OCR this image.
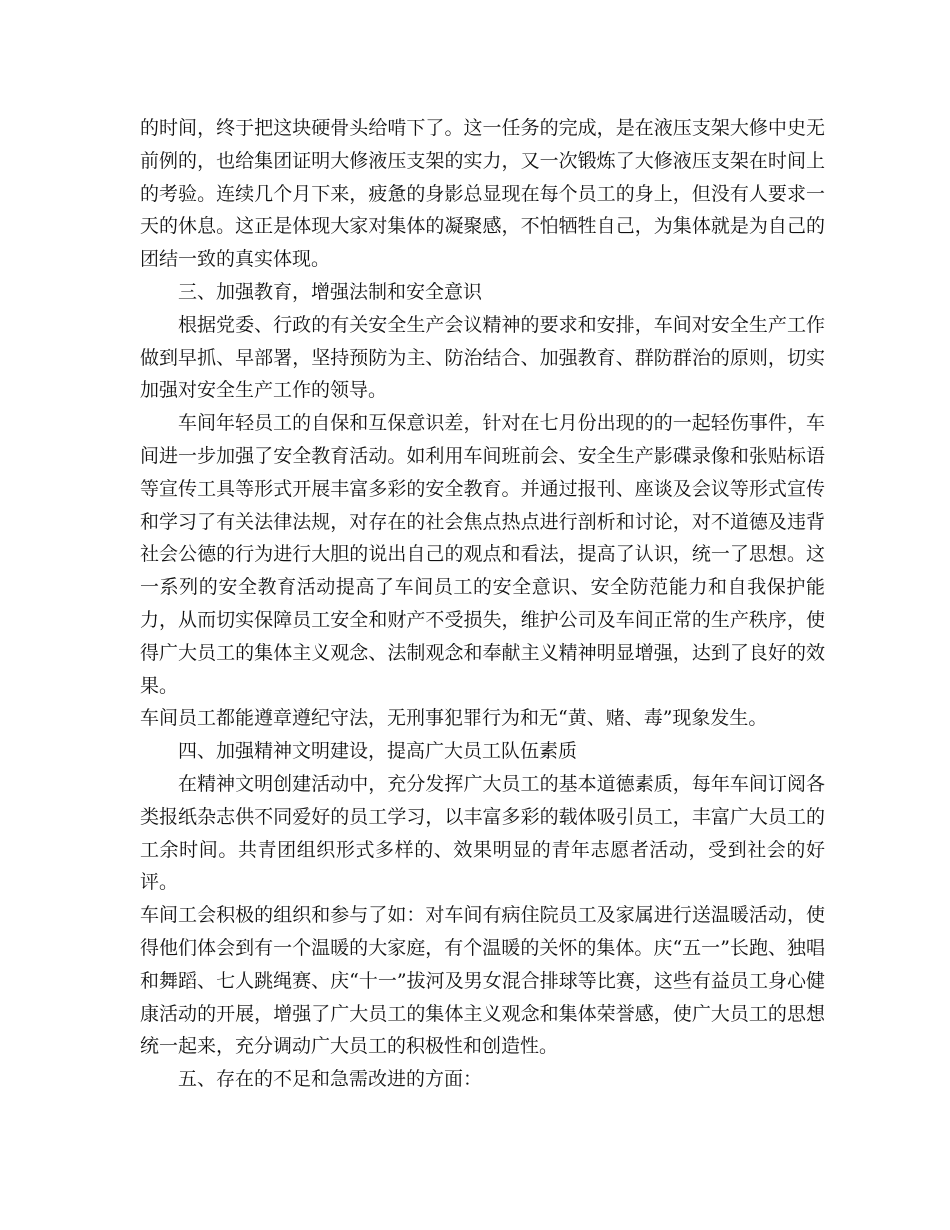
的时间，终于把这块硬骨头给啃下了。这一任务的完成，是在液压支架大修中史无前例的，也给集团证明大修液压支架的实力，又一次锻炼了大修液压支架在时间上的考验。连续几个月下来，疲惫的身影总显现在每个员工的身上，但没有人要求一天的休息。这正是体现大家对集体的凝聚感，不怕牺牲自己，为集体就是为自己的团结一致的真实体现。

三、加强教育，增强法制和安全意识

根据党委、行政的有关安全生产会议精神的要求和安排，车间对安全生产工作做到早抓、早部署，坚持预防为主、防治结合、加强教育、群防群治的原则，切实加强对安全生产工作的领导。

车间年轻员工的自保和互保意识差，针对在七月份出现的的一起轻伤事件，车间进一步加强了安全教育活动。如利用车间班前会、安全生产影碟录像和张贴标语等宣传工具等形式开展丰富多彩的安全教育。并通过报刊、座谈及会议等形式宣传和学习了有关法律法规，对存在的社会焦点热点进行剖析和讨论，对不道德及违背社会公德的行为进行大胆的说出自己的观点和看法，提高了认识，统一了思想。这一系列的安全教育活动提高了车间员工的安全意识、安全防范能力和自我保护能力，从而切实保障员工安全和财产不受损失，维护公司及车间正常的生产秩序，使得广大员工的集体主义观念、法制观念和奉献主义精神明显增强，达到了良好的效果。

车间员工都能遵章遵纪守法，无刑事犯罪行为和无“黄、赌、毒”现象发生。

四、加强精神文明建设，提高广大员工队伍素质

在精神文明创建活动中，充分发挥广大员工的基本道德素质，每年车间订阅各类报纸杂志供不同爱好的员工学习，以丰富多彩的载体吸引员工，丰富广大员工的工余时间。共青团组织形式多样的、效果明显的青年志愿者活动，受到社会的好评。

车间工会积极的组织和参与了如：对车间有病住院员工及家属进行送温暖活动，使得他们体会到有一个温暖的大家庭，有个温暖的关怀的集体。庆“五一”长跑、独唱和舞蹈、七人跳绳赛、庆“十一”拔河及男女混合排球等比赛，这些有益员工身心健康活动的开展，增强了广大员工的集体主义观念和集体荣誉感，使广大员工的思想统一起来，充分调动广大员工的积极性和创造性。

五、存在的不足和急需改进的方面：
